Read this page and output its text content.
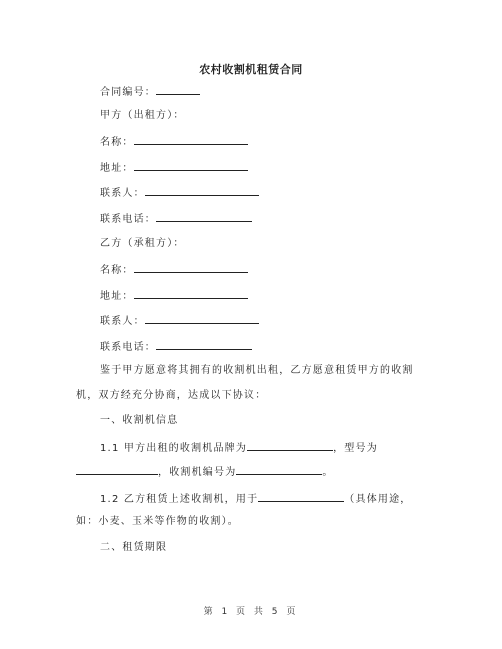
农村收割机租赁合同
合同编号：
甲方（出租方）：
名称：
地址：
联系人：
联系电话：
乙方（承租方）：
名称：
地址：
联系人：
联系电话：
鉴于甲方愿意将其拥有的收割机出租，乙方愿意租赁甲方的收割
机，双方经充分协商，达成以下协议：
一、收割机信息
1.1 甲方出租的收割机品牌为	，型号为
，收割机编号为	。
1.2 乙方租赁上述收割机，用于	（具体用途，
如：小麦、玉米等作物的收割）。
二、租赁期限
第 1 页 共 5 页
